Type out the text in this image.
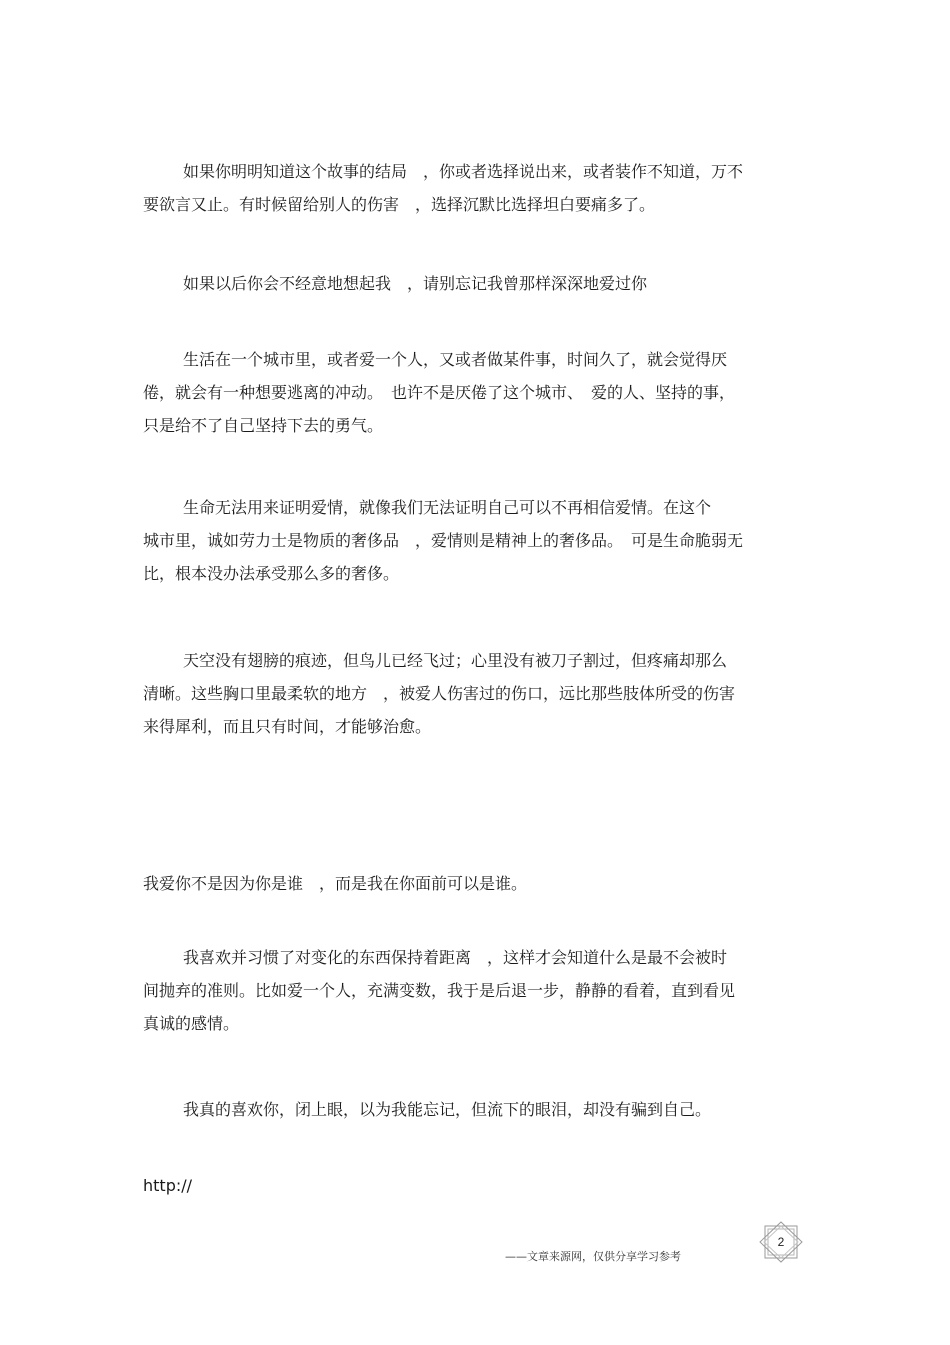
如果你明明知道这个故事的结局　，你或者选择说出来，或者装作不知道，万不
要欲言又止。有时候留给别人的伤害　，选择沉默比选择坦白要痛多了。
如果以后你会不经意地想起我　，请别忘记我曾那样深深地爱过你
生活在一个城市里，或者爱一个人，又或者做某件事，时间久了，就会觉得厌
倦，就会有一种想要逃离的冲动。　也许不是厌倦了这个城市、　爱的人、坚持的事，
只是给不了自己坚持下去的勇气。
生命无法用来证明爱情，就像我们无法证明自己可以不再相信爱情。在这个
城市里，诚如劳力士是物质的奢侈品　，爱情则是精神上的奢侈品。　可是生命脆弱无
比，根本没办法承受那么多的奢侈。
天空没有翅膀的痕迹，但鸟儿已经飞过；心里没有被刀子割过，但疼痛却那么
清晰。这些胸口里最柔软的地方　，被爱人伤害过的伤口，远比那些肢体所受的伤害
来得犀利，而且只有时间，才能够治愈。
我爱你不是因为你是谁　，而是我在你面前可以是谁。
我喜欢并习惯了对变化的东西保持着距离　，这样才会知道什么是最不会被时
间抛弃的准则。比如爱一个人，充满变数，我于是后退一步，静静的看着，直到看见
真诚的感情。
我真的喜欢你，闭上眼，以为我能忘记，但流下的眼泪，却没有骗到自己。
http://
——文章来源网，仅供分享学习参考
2
